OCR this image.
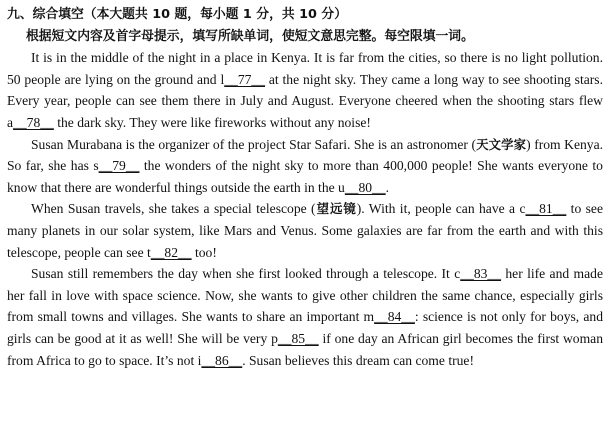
九、综合填空（本大题共 10 题，每小题 1 分，共 10 分）
根据短文内容及首字母提示，填写所缺单词，使短文意思完整。每空限填一词。

It is in the middle of the night in a place in Kenya. It is far from the cities, so there is no light pollution. 50 people are lying on the ground and l__77__ at the night sky. They came a long way to see shooting stars. Every year, people can see them there in July and August. Everyone cheered when the shooting stars flew a__78__ the dark sky. They were like fireworks without any noise!

Susan Murabana is the organizer of the project Star Safari. She is an astronomer (天文学家) from Kenya. So far, she has s__79__ the wonders of the night sky to more than 400,000 people! She wants everyone to know that there are wonderful things outside the earth in the u__80__.

When Susan travels, she takes a special telescope (望远镜). With it, people can have a c__81__ to see many planets in our solar system, like Mars and Venus. Some galaxies are far from the earth and with this telescope, people can see t__82__ too!

Susan still remembers the day when she first looked through a telescope. It c__83__ her life and made her fall in love with space science. Now, she wants to give other children the same chance, especially girls from small towns and villages. She wants to share an important m__84__: science is not only for boys, and girls can be good at it as well! She will be very p__85__ if one day an African girl becomes the first woman from Africa to go to space. It’s not i__86__. Susan believes this dream can come true!
